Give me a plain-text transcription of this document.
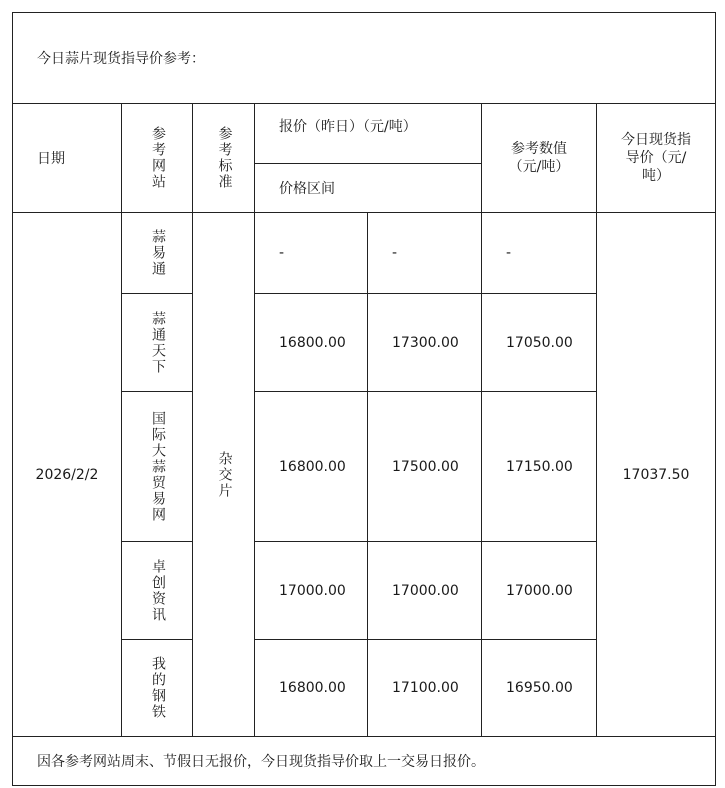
今日蒜片现货指导价参考：						
日期	参考网站	参考标准	报价（昨日）（元/吨）		参考数值（元/吨）	今日现货指导价（元/吨）

			价格区间			
2026/2/2	蒜易通	杂交片	-	-	-	17037.50

	蒜通天下		16800.00	17300.00	17050.00	

	国际大蒜贸易网		16800.00	17500.00	17150.00	

	卓创资讯		17000.00	17000.00	17000.00	

	我的钢铁		16800.00	17100.00	16950.00	
因各参考网站周末、节假日无报价，今日现货指导价取上一交易日报价。						
